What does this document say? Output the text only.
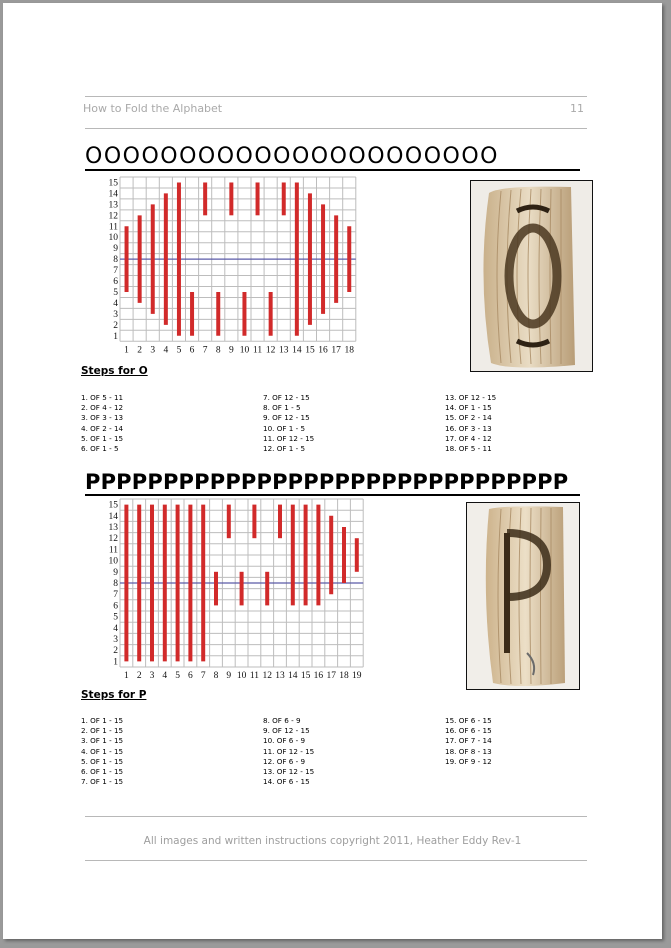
How to Fold the Alphabet	11
OOOOOOOOOOOOOOOOOOOOOO
1
2
3
4
5
6
7
8
9
10
11
12
13
14
15
1 2 3 4 5 6 7 8 9 10 11 12 13 14 15 16 17 18
Steps for O
1. OF 5 - 11
2. OF 4 - 12
3. OF 3 - 13
4. OF 2 - 14
5. OF 1 - 15
6. OF 1 - 5
7. OF 12 - 15
8. OF 1 - 5
9. OF 12 - 15
10. OF 1 - 5
11. OF 12 - 15
12. OF 1 - 5
13. OF 12 - 15
14. OF 1 - 15
15. OF 2 - 14
16. OF 3 - 13
17. OF 4 - 12
18. OF 5 - 11
PPPPPPPPPPPPPPPPPPPPPPPPPPPPPPP
1
2
3
4
5
6
7
8
9
10
11
12
13
14
15
1 2 3 4 5 6 7 8 9 10 11 12 13 14 15 16 17 18 19
Steps for P
1. OF 1 - 15
2. OF 1 - 15
3. OF 1 - 15
4. OF 1 - 15
5. OF 1 - 15
6. OF 1 - 15
7. OF 1 - 15
8. OF 6 - 9
9. OF 12 - 15
10. OF 6 - 9
11. OF 12 - 15
12. OF 6 - 9
13. OF 12 - 15
14. OF 6 - 15
15. OF 6 - 15
16. OF 6 - 15
17. OF 7 - 14
18. OF 8 - 13
19. OF 9 - 12
All images and written instructions copyright 2011, Heather Eddy Rev-1
